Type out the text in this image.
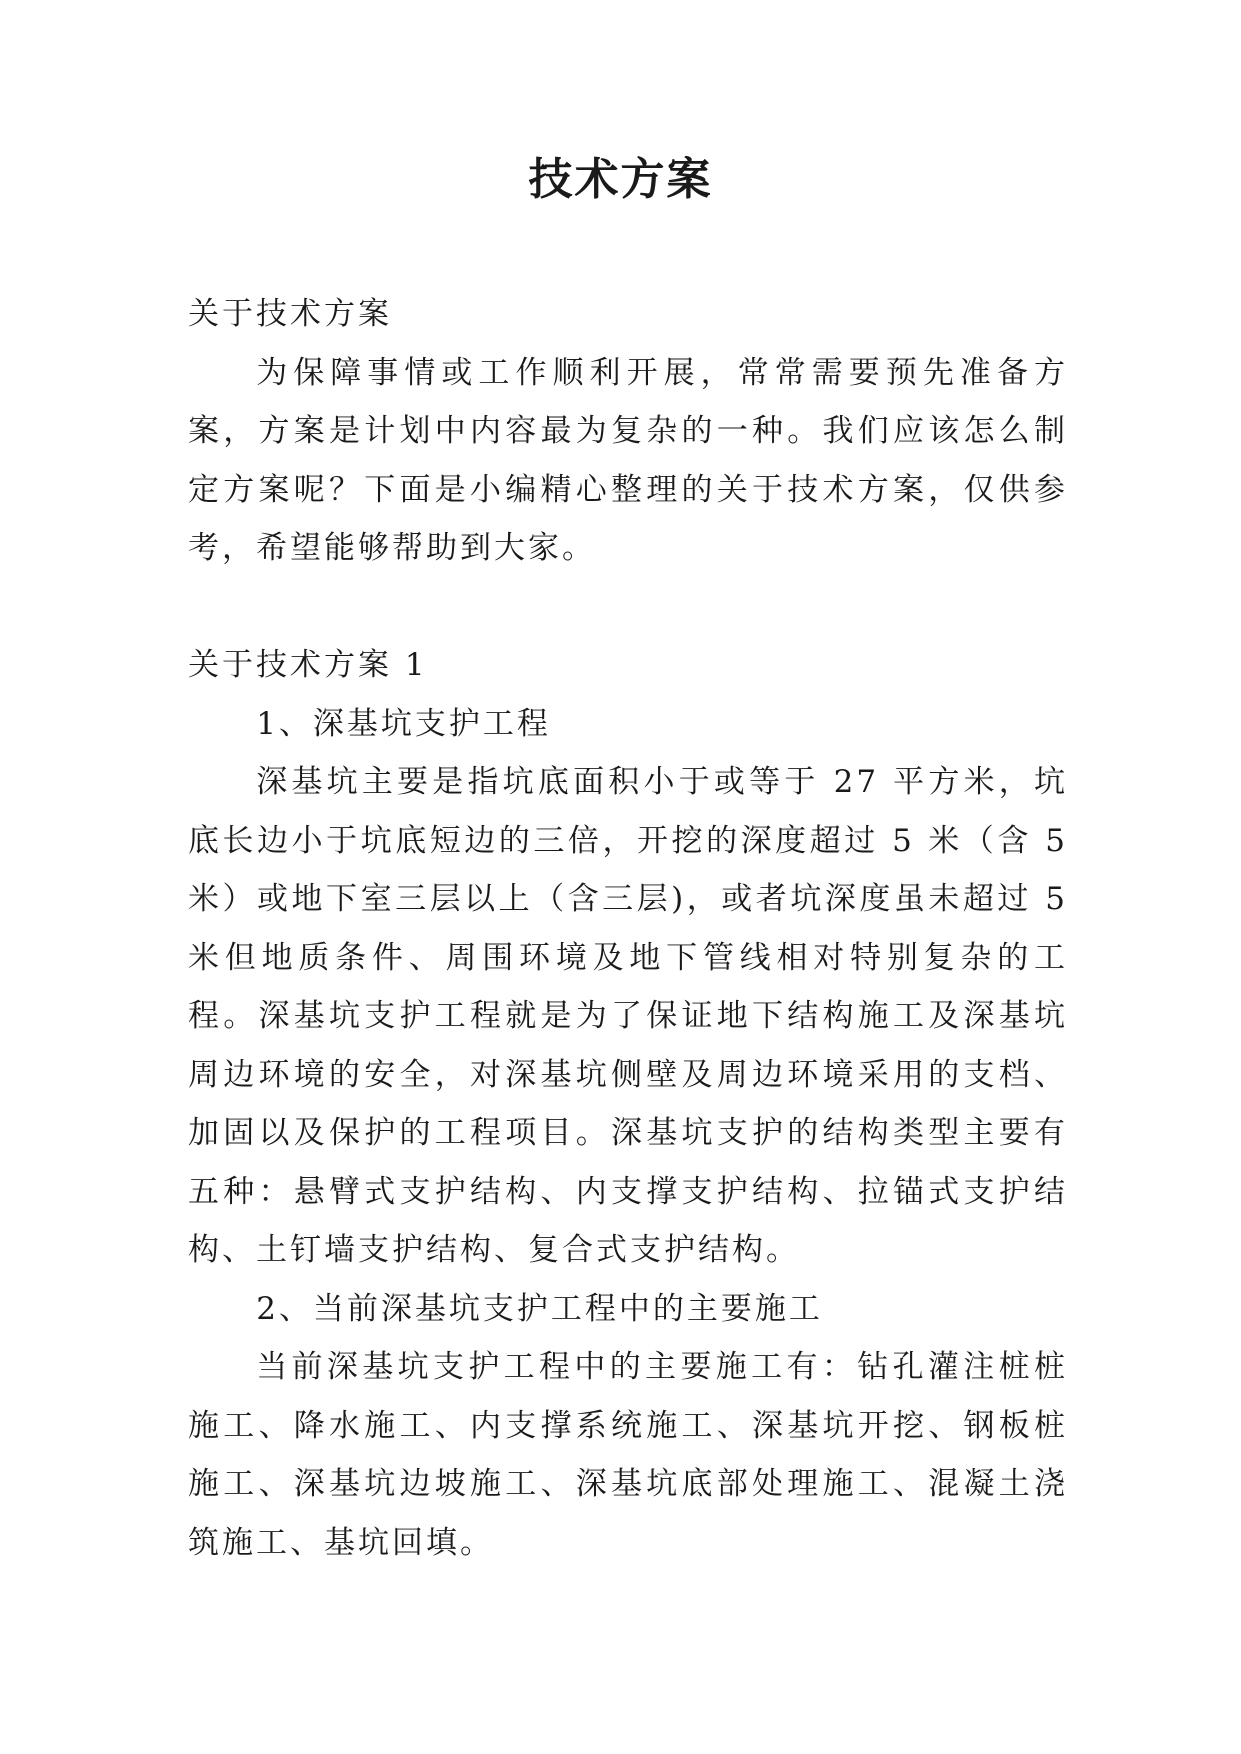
技术方案

关于技术方案

为保障事情或工作顺利开展，常常需要预先准备方案，方案是计划中内容最为复杂的一种。我们应该怎么制定方案呢？下面是小编精心整理的关于技术方案，仅供参考，希望能够帮助到大家。

关于技术方案 1

1、深基坑支护工程

深基坑主要是指坑底面积小于或等于 27 平方米，坑底长边小于坑底短边的三倍，开挖的深度超过 5 米（含 5 米）或地下室三层以上（含三层)，或者坑深度虽未超过 5 米但地质条件、周围环境及地下管线相对特别复杂的工程。深基坑支护工程就是为了保证地下结构施工及深基坑周边环境的安全，对深基坑侧壁及周边环境采用的支档、加固以及保护的工程项目。深基坑支护的结构类型主要有五种：悬臂式支护结构、内支撑支护结构、拉锚式支护结构、土钉墙支护结构、复合式支护结构。

2、当前深基坑支护工程中的主要施工

当前深基坑支护工程中的主要施工有：钻孔灌注桩桩施工、降水施工、内支撑系统施工、深基坑开挖、钢板桩施工、深基坑边坡施工、深基坑底部处理施工、混凝土浇筑施工、基坑回填。
